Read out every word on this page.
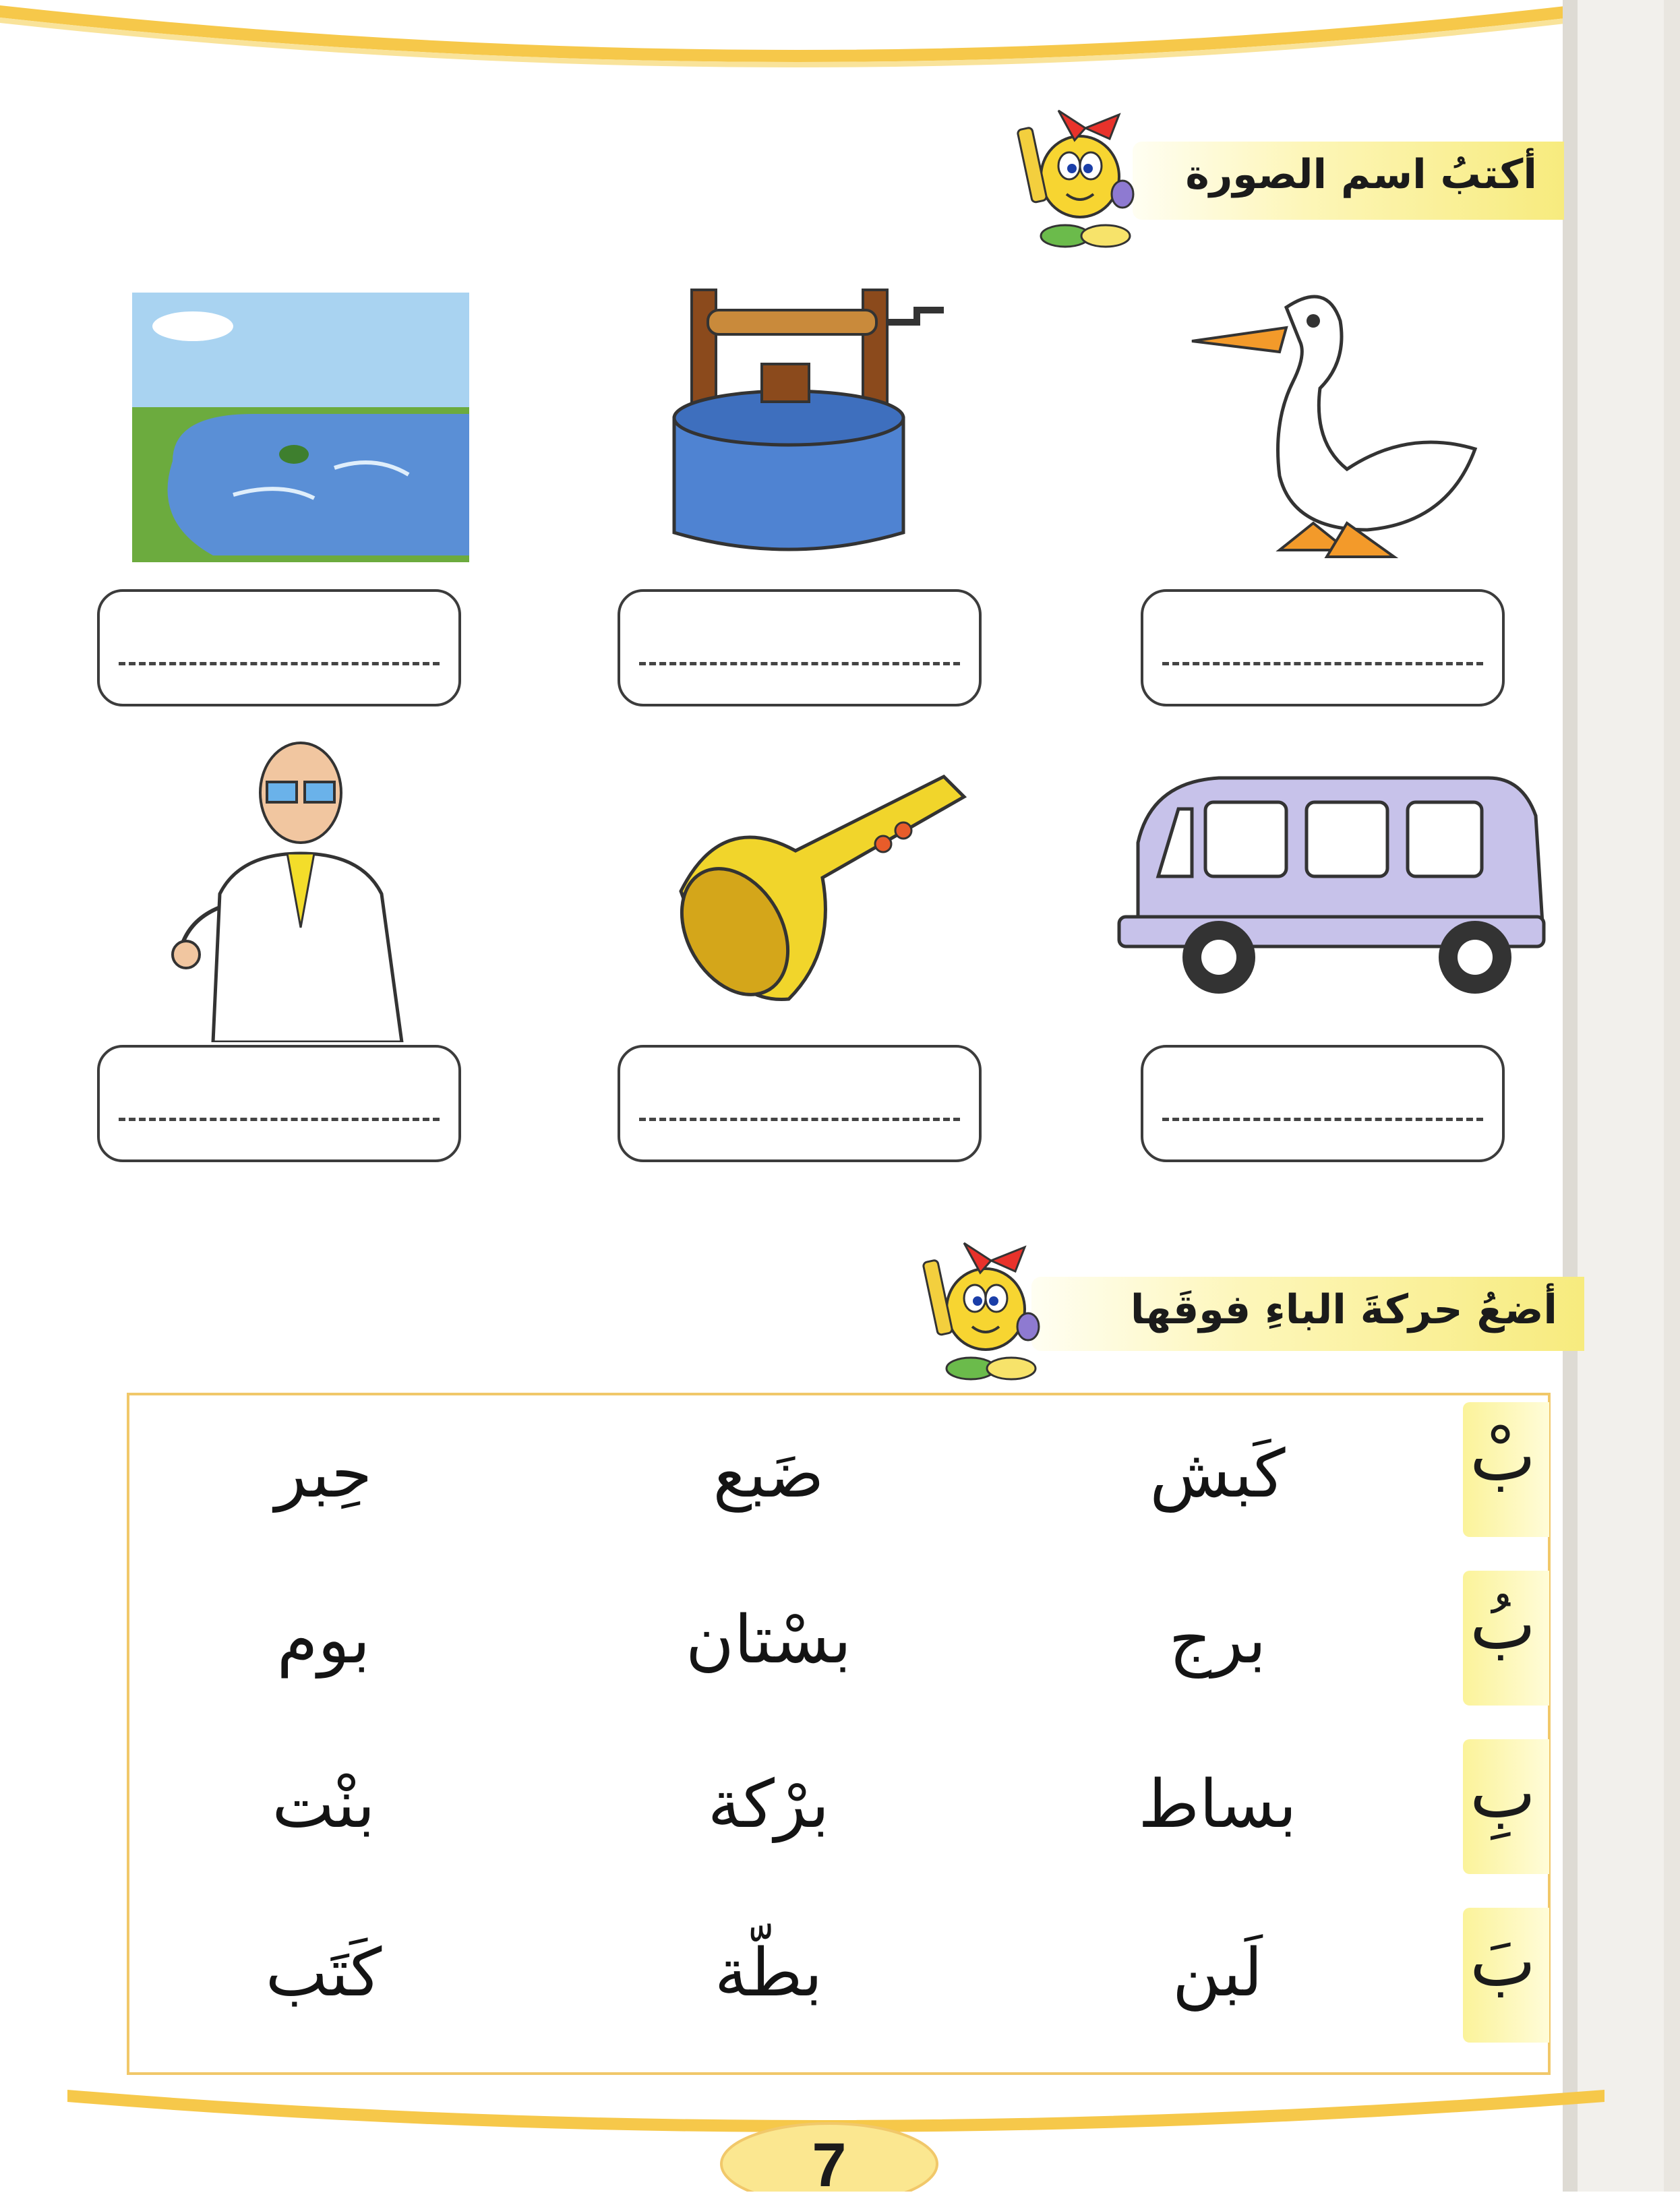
أكتبُ اسم الصورة
أضعُ حركةَ الباءِ فوقَها
بْ
كَبش
ضَبع
حِبر
بُ
برج
بسْتان
بوم
بِ
بساط
برْكة
بنْت
بَ
لَبن
بطّة
كَتَب
7
